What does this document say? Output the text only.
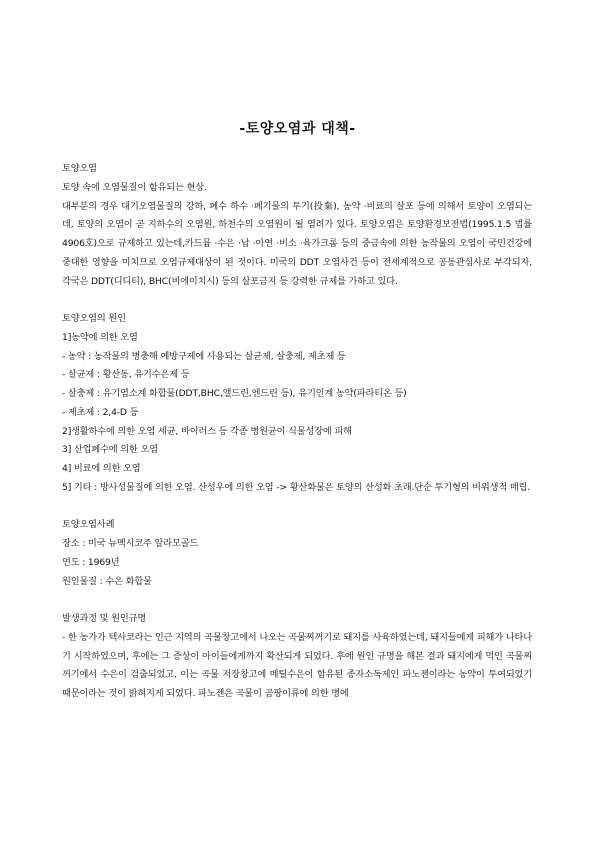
-토양오염과 대책-
토양오염
토양 속에 오염물질이 함유되는 현상.
대부분의 경우 대기오염물질의 강하, 폐수 하수 ·폐기물의 투기(投棄), 농약 ·비료의 살포 등에 의해서 토양이 오염되는데, 토양의 오염이 곧 지하수의 오염원, 하천수의 오염원이 될 염려가 있다. 토양오염은 토양환경보전법(1995.1.5 법률 4906호)으로 규제하고 있는데,카드뮴 ·수은 ·납 ·아연 ·비소 ·육가크롬 등의 중금속에 의한 농작물의 오염이 국민건강에 중대한 영향을 미치므로 오염규제대상이 된 것이다. 미국의 DDT 오염사건 등이 전세계적으로 공동관심사로 부각되자, 각국은 DDT(디디티), BHC(비에이치시) 등의 살포금지 등 강력한 규제를 가하고 있다.
토양오염의 원인
1]농약에 의한 오염
- 농약 : 농작물의 병충해 예방구제에 사용되는 살균제, 살충제, 제초제 등
- 살균제 : 황산동, 유기수은제 등
- 살충제 : 유기염소계 화합물(DDT,BHC,앨드린,엔드린 등), 유기인계 농약(파라티온 등)
- 제초제 : 2,4-D 등
2]생활하수에 의한 오염 세균, 바이러스 등 각종 병원균이 식물성장에 피해
3] 산업폐수에 의한 오염
4] 비료에 의한 오염
5] 기타 : 방사성물질에 의한 오염. 산성우에 의한 오염 -> 황산화물은 토양의 산성화 초래.단순 투기형의 비위생적 매립.
토양오염사례
장소 : 미국 뉴멕시코주 알라모골드
연도 : 1969년
원인물질 : 수은 화합물
발생과정 및 원인규명
- 한 농가가 텍사코라는 인근 지역의 곡물창고에서 나오는 곡물찌꺼기로 돼지를 사육하였는데, 돼지들에게 피해가 나타나기 시작하였으며, 후에는 그 증상이 아이들에게까지 확산되게 되었다. 후에 원인 규명을 해본 결과 돼지에게 먹인 곡물찌꺼기에서 수은이 검출되었고, 이는 곡물 저장창고에 메틸수은이 함유된 종자소독제인 파노젠이라는 농약이 투여되었기 때문이라는 것이 밝혀지게 되었다. 파노젠은 곡물이 곰팡이류에 의한 병에
